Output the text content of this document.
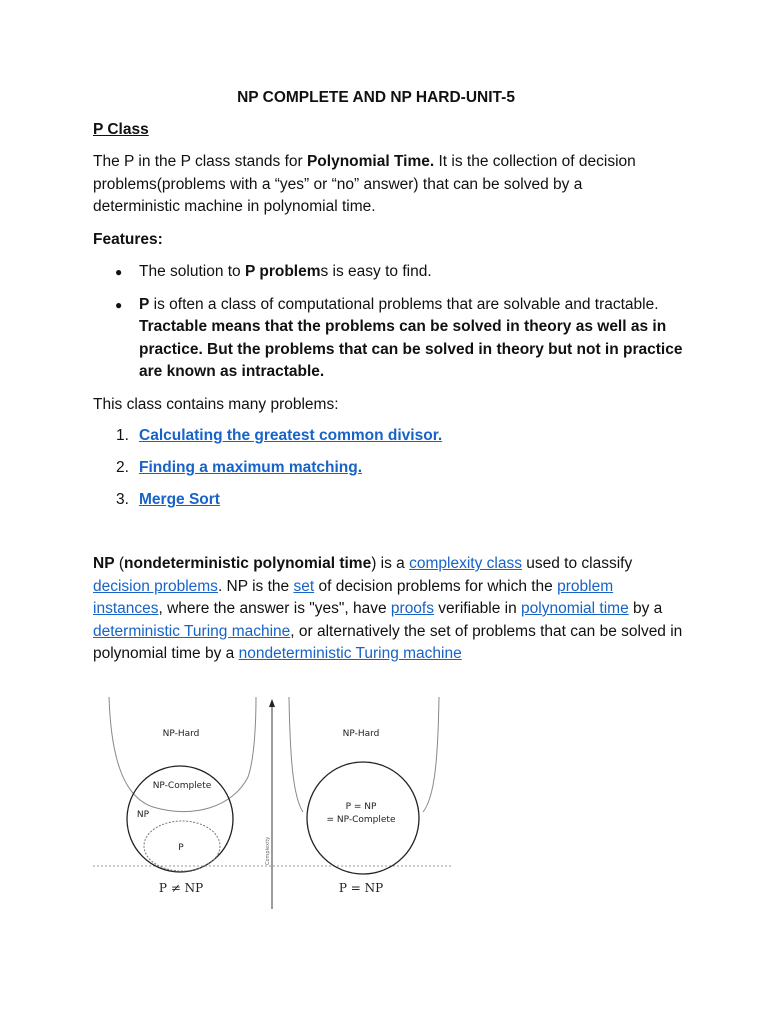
NP COMPLETE AND NP HARD-UNIT-5
P Class

The P in the P class stands for Polynomial Time. It is the collection of decision problems(problems with a “yes” or “no” answer) that can be solved by a deterministic machine in polynomial time.

Features:
● The solution to P problems is easy to find.
● P is often a class of computational problems that are solvable and tractable. Tractable means that the problems can be solved in theory as well as in practice. But the problems that can be solved in theory but not in practice are known as intractable.
This class contains many problems:
1. Calculating the greatest common divisor.
2. Finding a maximum matching.
3. Merge Sort

NP (nondeterministic polynomial time) is a complexity class used to classify decision problems. NP is the set of decision problems for which the problem instances, where the answer is "yes", have proofs verifiable in polynomial time by a deterministic Turing machine, or alternatively the set of problems that can be solved in polynomial time by a nondeterministic Turing machine

Complexity
NP-Hard
NP-Complete
NP
P
P ≠ NP
NP-Hard
P = NP
= NP-Complete
P = NP
